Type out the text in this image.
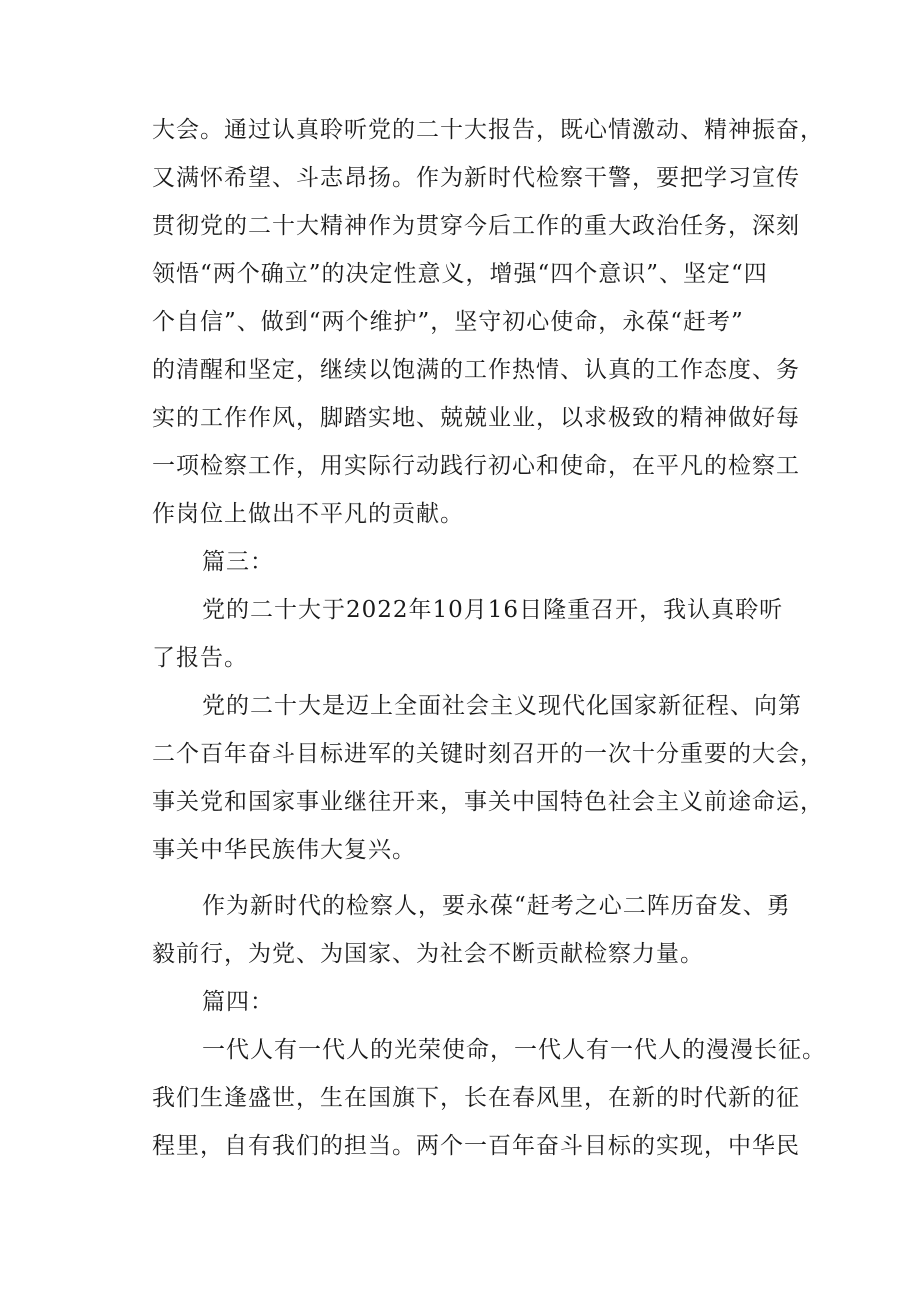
大会。通过认真聆听党的二十大报告，既心情激动、精神振奋，
又满怀希望、斗志昂扬。作为新时代检察干警，要把学习宣传
贯彻党的二十大精神作为贯穿今后工作的重大政治任务，深刻
领悟“两个确立”的决定性意义，增强“四个意识”、坚定“四
个自信”、做到“两个维护”，坚守初心使命，永葆“赶考”
的清醒和坚定，继续以饱满的工作热情、认真的工作态度、务
实的工作作风，脚踏实地、兢兢业业，以求极致的精神做好每
一项检察工作，用实际行动践行初心和使命，在平凡的检察工
作岗位上做出不平凡的贡献。
篇三：
党的二十大于2022年10月16日隆重召开，我认真聆听
了报告。
党的二十大是迈上全面社会主义现代化国家新征程、向第
二个百年奋斗目标进军的关键时刻召开的一次十分重要的大会，
事关党和国家事业继往开来，事关中国特色社会主义前途命运，
事关中华民族伟大复兴。
作为新时代的检察人，要永葆“赶考之心二阵历奋发、勇
毅前行，为党、为国家、为社会不断贡献检察力量。
篇四：
一代人有一代人的光荣使命，一代人有一代人的漫漫长征。
我们生逢盛世，生在国旗下，长在春风里，在新的时代新的征
程里，自有我们的担当。两个一百年奋斗目标的实现，中华民
